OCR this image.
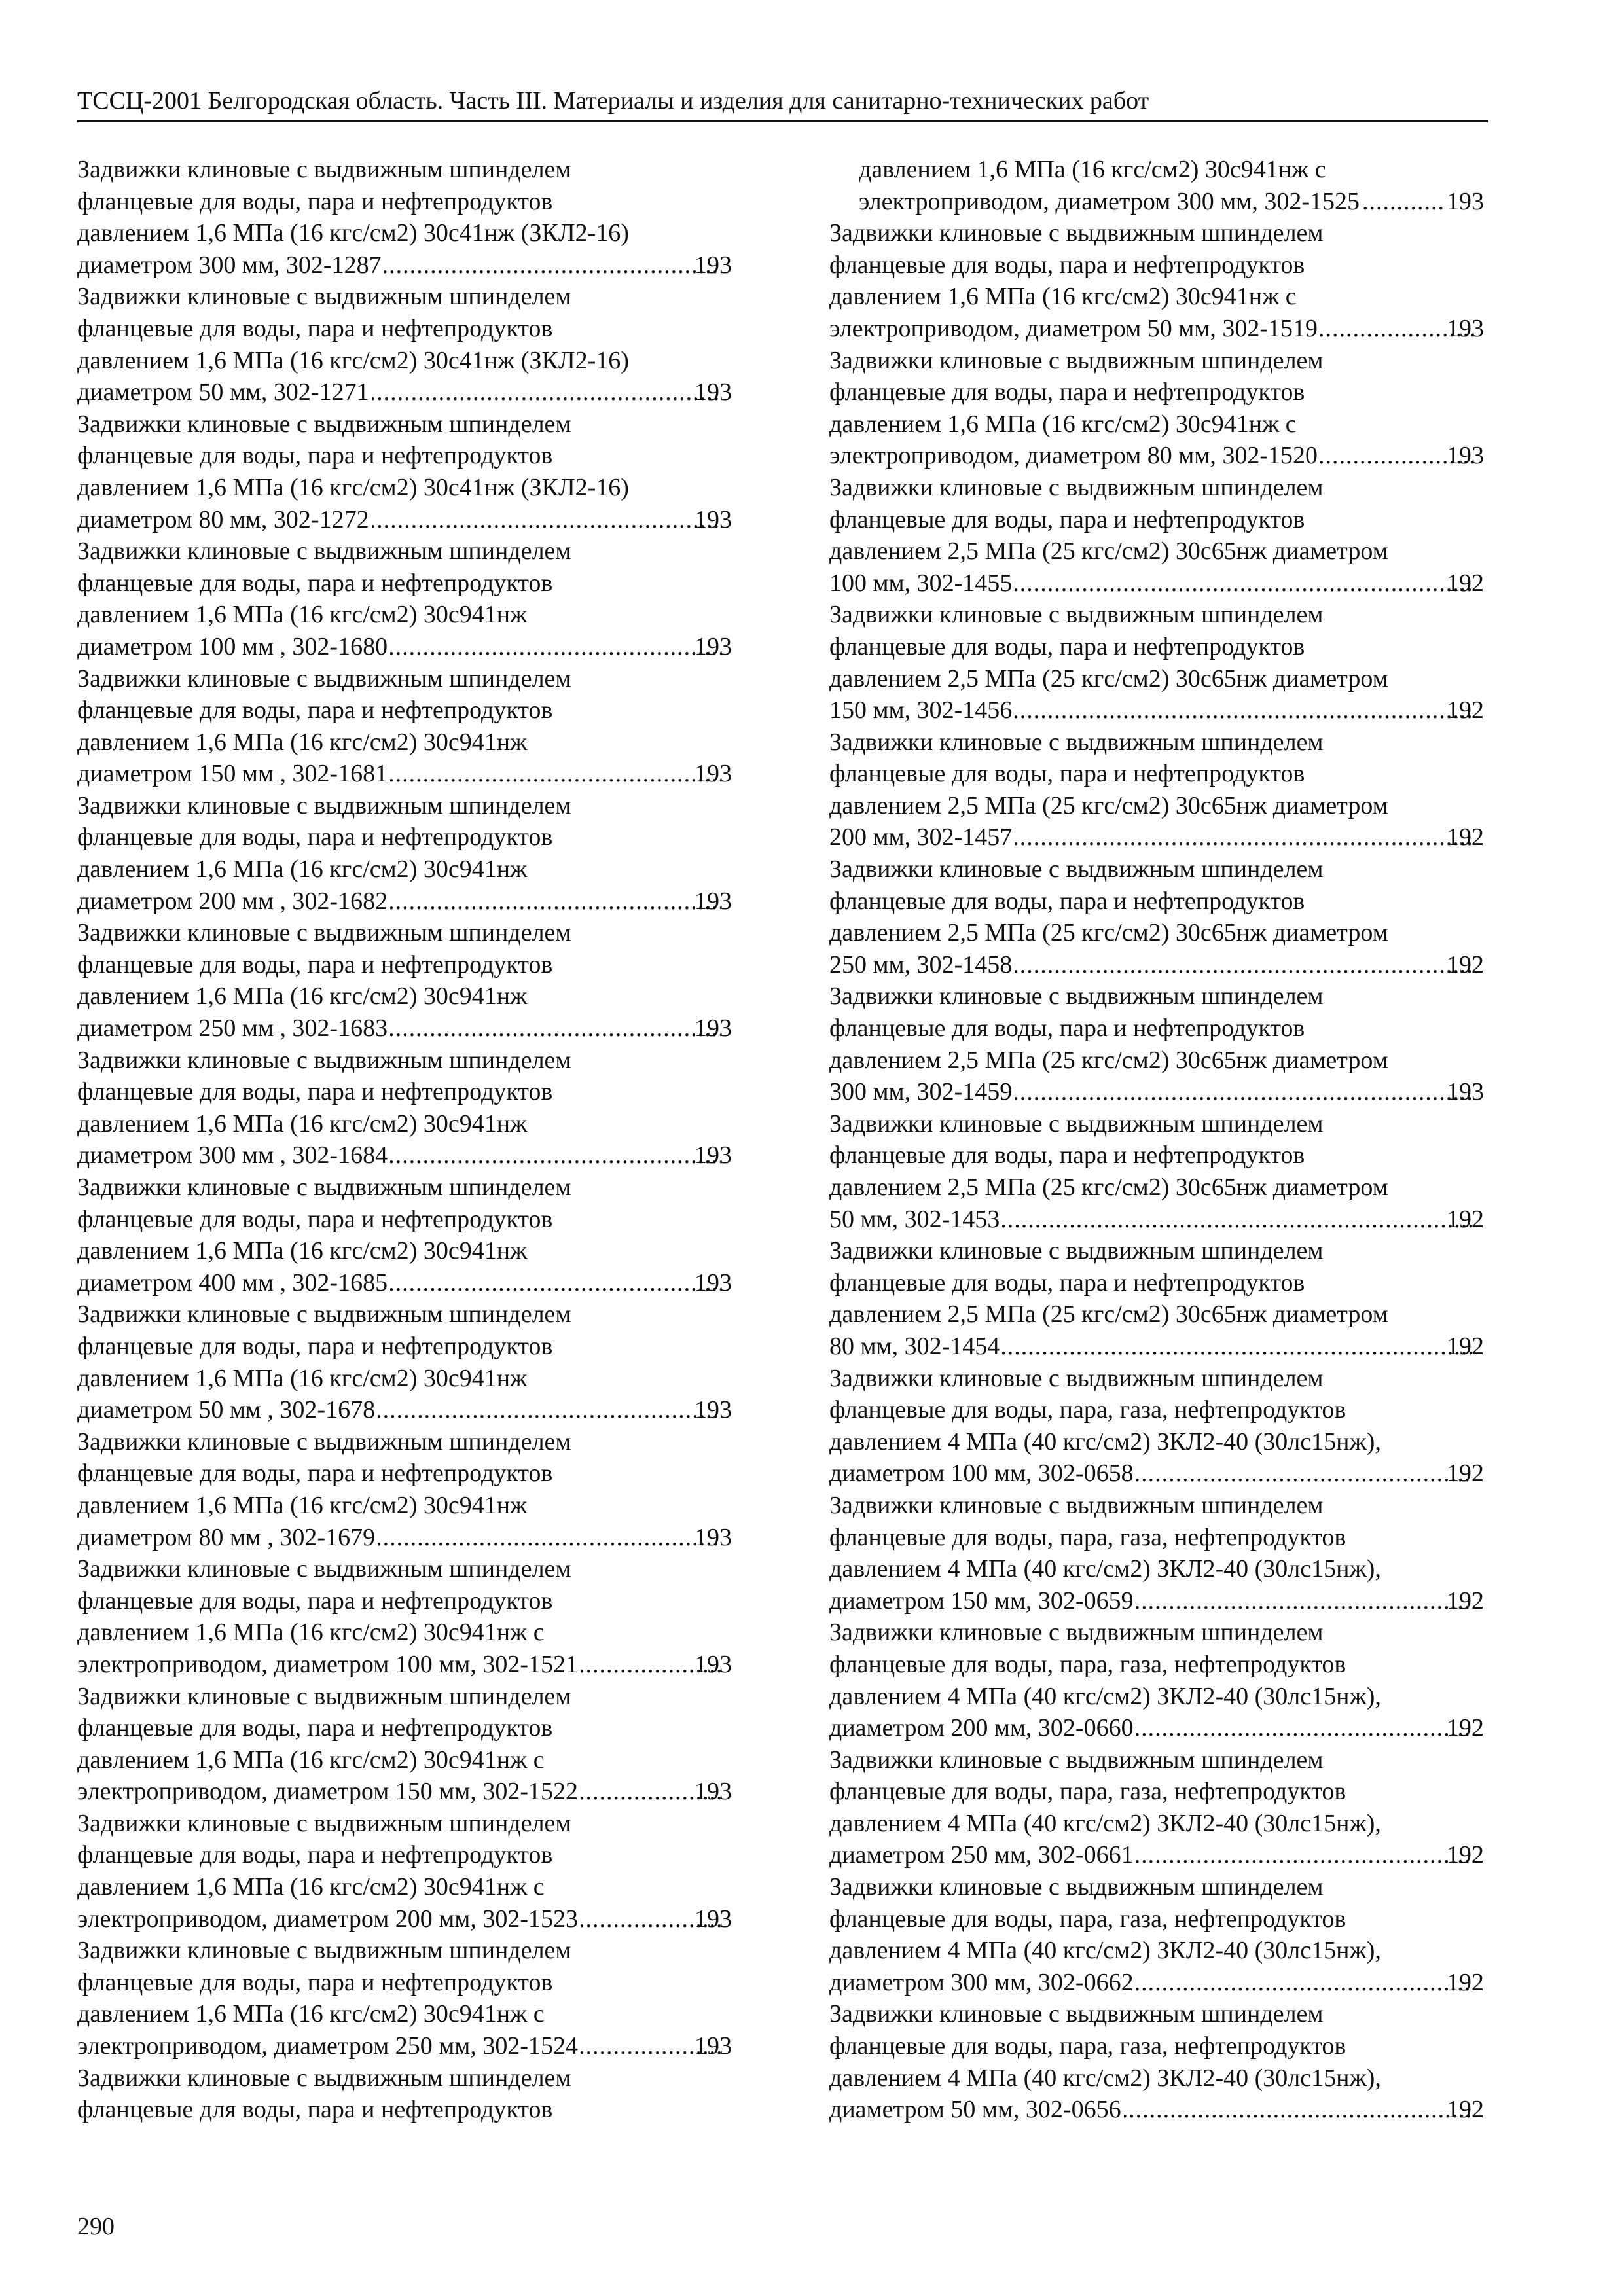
ТССЦ-2001 Белгородская область. Часть III. Материалы и изделия для санитарно-технических работ
Задвижки клиновые с выдвижным шпинделем
фланцевые для воды, пара и нефтепродуктов
давлением 1,6 МПа (16 кгс/см2) 30с41нж (ЗКЛ2-16)
диаметром 300 мм, 302-1287 .....	193
Задвижки клиновые с выдвижным шпинделем
фланцевые для воды, пара и нефтепродуктов
давлением 1,6 МПа (16 кгс/см2) 30с41нж (ЗКЛ2-16)
диаметром 50 мм, 302-1271 .....	193
Задвижки клиновые с выдвижным шпинделем
фланцевые для воды, пара и нефтепродуктов
давлением 1,6 МПа (16 кгс/см2) 30с41нж (ЗКЛ2-16)
диаметром 80 мм, 302-1272 .....	193
Задвижки клиновые с выдвижным шпинделем
фланцевые для воды, пара и нефтепродуктов
давлением 1,6 МПа (16 кгс/см2) 30с941нж
диаметром 100 мм , 302-1680 .....	193
Задвижки клиновые с выдвижным шпинделем
фланцевые для воды, пара и нефтепродуктов
давлением 1,6 МПа (16 кгс/см2) 30с941нж
диаметром 150 мм , 302-1681 .....	193
Задвижки клиновые с выдвижным шпинделем
фланцевые для воды, пара и нефтепродуктов
давлением 1,6 МПа (16 кгс/см2) 30с941нж
диаметром 200 мм , 302-1682 .....	193
Задвижки клиновые с выдвижным шпинделем
фланцевые для воды, пара и нефтепродуктов
давлением 1,6 МПа (16 кгс/см2) 30с941нж
диаметром 250 мм , 302-1683 .....	193
Задвижки клиновые с выдвижным шпинделем
фланцевые для воды, пара и нефтепродуктов
давлением 1,6 МПа (16 кгс/см2) 30с941нж
диаметром 300 мм , 302-1684 .....	193
Задвижки клиновые с выдвижным шпинделем
фланцевые для воды, пара и нефтепродуктов
давлением 1,6 МПа (16 кгс/см2) 30с941нж
диаметром 400 мм , 302-1685 .....	193
Задвижки клиновые с выдвижным шпинделем
фланцевые для воды, пара и нефтепродуктов
давлением 1,6 МПа (16 кгс/см2) 30с941нж
диаметром 50 мм , 302-1678 .....	193
Задвижки клиновые с выдвижным шпинделем
фланцевые для воды, пара и нефтепродуктов
давлением 1,6 МПа (16 кгс/см2) 30с941нж
диаметром 80 мм , 302-1679 .....	193
Задвижки клиновые с выдвижным шпинделем
фланцевые для воды, пара и нефтепродуктов
давлением 1,6 МПа (16 кгс/см2) 30с941нж с
электроприводом, диаметром 100 мм, 302-1521 .....	193
Задвижки клиновые с выдвижным шпинделем
фланцевые для воды, пара и нефтепродуктов
давлением 1,6 МПа (16 кгс/см2) 30с941нж с
электроприводом, диаметром 150 мм, 302-1522 .....	193
Задвижки клиновые с выдвижным шпинделем
фланцевые для воды, пара и нефтепродуктов
давлением 1,6 МПа (16 кгс/см2) 30с941нж с
электроприводом, диаметром 200 мм, 302-1523 .....	193
Задвижки клиновые с выдвижным шпинделем
фланцевые для воды, пара и нефтепродуктов
давлением 1,6 МПа (16 кгс/см2) 30с941нж с
электроприводом, диаметром 250 мм, 302-1524 .....	193
Задвижки клиновые с выдвижным шпинделем
фланцевые для воды, пара и нефтепродуктов
давлением 1,6 МПа (16 кгс/см2) 30с941нж с
электроприводом, диаметром 300 мм, 302-1525 .....	193
Задвижки клиновые с выдвижным шпинделем
фланцевые для воды, пара и нефтепродуктов
давлением 1,6 МПа (16 кгс/см2) 30с941нж с
электроприводом, диаметром 50 мм, 302-1519 .....	193
Задвижки клиновые с выдвижным шпинделем
фланцевые для воды, пара и нефтепродуктов
давлением 1,6 МПа (16 кгс/см2) 30с941нж с
электроприводом, диаметром 80 мм, 302-1520 .....	193
Задвижки клиновые с выдвижным шпинделем
фланцевые для воды, пара и нефтепродуктов
давлением 2,5 МПа (25 кгс/см2) 30с65нж диаметром
100 мм, 302-1455 .....	192
Задвижки клиновые с выдвижным шпинделем
фланцевые для воды, пара и нефтепродуктов
давлением 2,5 МПа (25 кгс/см2) 30с65нж диаметром
150 мм, 302-1456 .....	192
Задвижки клиновые с выдвижным шпинделем
фланцевые для воды, пара и нефтепродуктов
давлением 2,5 МПа (25 кгс/см2) 30с65нж диаметром
200 мм, 302-1457 .....	192
Задвижки клиновые с выдвижным шпинделем
фланцевые для воды, пара и нефтепродуктов
давлением 2,5 МПа (25 кгс/см2) 30с65нж диаметром
250 мм, 302-1458 .....	192
Задвижки клиновые с выдвижным шпинделем
фланцевые для воды, пара и нефтепродуктов
давлением 2,5 МПа (25 кгс/см2) 30с65нж диаметром
300 мм, 302-1459 .....	193
Задвижки клиновые с выдвижным шпинделем
фланцевые для воды, пара и нефтепродуктов
давлением 2,5 МПа (25 кгс/см2) 30с65нж диаметром
50 мм, 302-1453 .....	192
Задвижки клиновые с выдвижным шпинделем
фланцевые для воды, пара и нефтепродуктов
давлением 2,5 МПа (25 кгс/см2) 30с65нж диаметром
80 мм, 302-1454 .....	192
Задвижки клиновые с выдвижным шпинделем
фланцевые для воды, пара, газа, нефтепродуктов
давлением 4 МПа (40 кгс/см2) ЗКЛ2-40 (30лс15нж),
диаметром 100 мм, 302-0658 .....	192
Задвижки клиновые с выдвижным шпинделем
фланцевые для воды, пара, газа, нефтепродуктов
давлением 4 МПа (40 кгс/см2) ЗКЛ2-40 (30лс15нж),
диаметром 150 мм, 302-0659 .....	192
Задвижки клиновые с выдвижным шпинделем
фланцевые для воды, пара, газа, нефтепродуктов
давлением 4 МПа (40 кгс/см2) ЗКЛ2-40 (30лс15нж),
диаметром 200 мм, 302-0660 .....	192
Задвижки клиновые с выдвижным шпинделем
фланцевые для воды, пара, газа, нефтепродуктов
давлением 4 МПа (40 кгс/см2) ЗКЛ2-40 (30лс15нж),
диаметром 250 мм, 302-0661 .....	192
Задвижки клиновые с выдвижным шпинделем
фланцевые для воды, пара, газа, нефтепродуктов
давлением 4 МПа (40 кгс/см2) ЗКЛ2-40 (30лс15нж),
диаметром 300 мм, 302-0662 .....	192
Задвижки клиновые с выдвижным шпинделем
фланцевые для воды, пара, газа, нефтепродуктов
давлением 4 МПа (40 кгс/см2) ЗКЛ2-40 (30лс15нж),
диаметром 50 мм, 302-0656 .....	192
290
